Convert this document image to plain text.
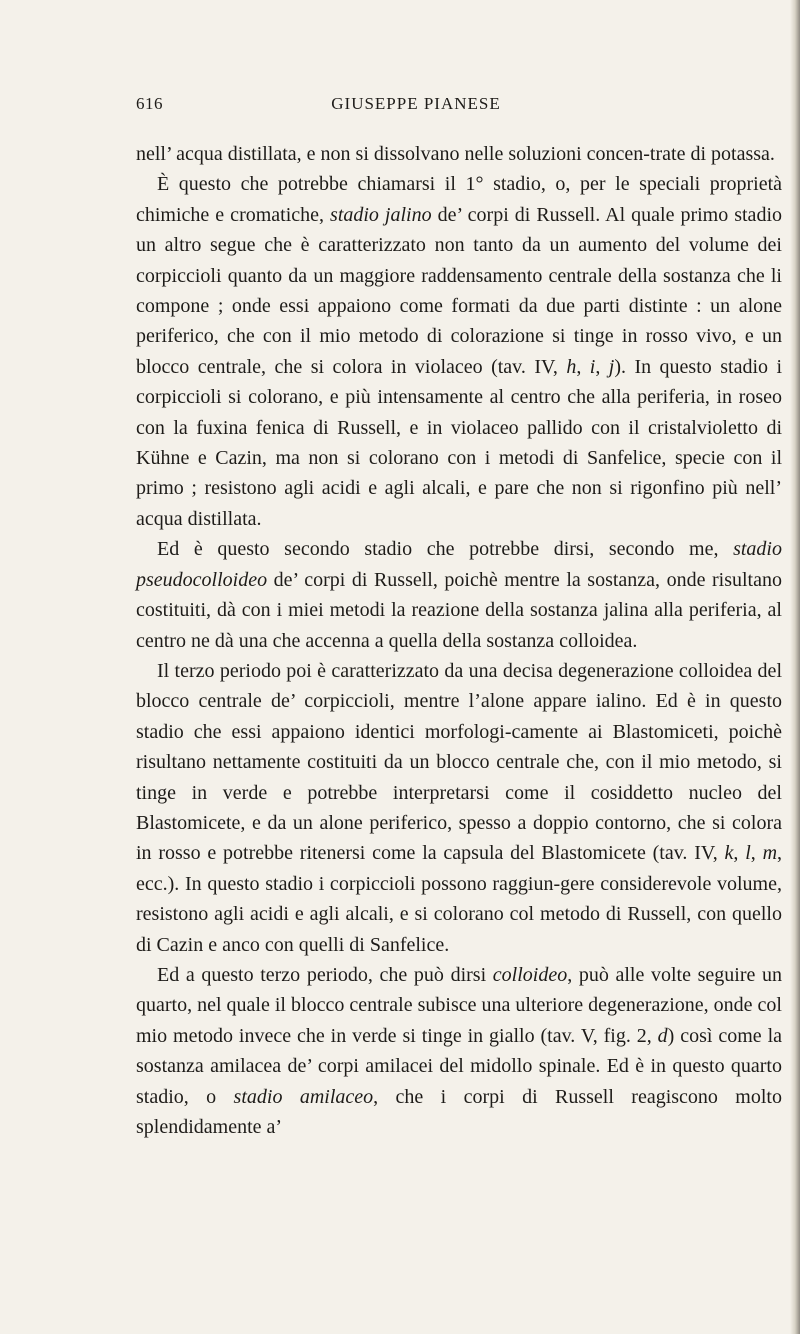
616	GIUSEPPE PIANESE

nell’ acqua distillata, e non si dissolvano nelle soluzioni concen-trate di potassa.

È questo che potrebbe chiamarsi il 1° stadio, o, per le speciali proprietà chimiche e cromatiche, stadio jalino de’ corpi di Russell. Al quale primo stadio un altro segue che è caratterizzato non tanto da un aumento del volume dei corpiccioli quanto da un maggiore raddensamento centrale della sostanza che li compone ; onde essi appaiono come formati da due parti distinte : un alone periferico, che con il mio metodo di colorazione si tinge in rosso vivo, e un blocco centrale, che si colora in violaceo (tav. IV, h, i, j). In questo stadio i corpiccioli si colorano, e più intensamente al centro che alla periferia, in roseo con la fuxina fenica di Russell, e in violaceo pallido con il cristalvioletto di Kühne e Cazin, ma non si colorano con i metodi di Sanfelice, specie con il primo ; resistono agli acidi e agli alcali, e pare che non si rigonfino più nell’ acqua distillata.

Ed è questo secondo stadio che potrebbe dirsi, secondo me, stadio pseudocolloideo de’ corpi di Russell, poichè mentre la sostanza, onde risultano costituiti, dà con i miei metodi la reazione della sostanza jalina alla periferia, al centro ne dà una che accenna a quella della sostanza colloidea.

Il terzo periodo poi è caratterizzato da una decisa degenerazione colloidea del blocco centrale de’ corpiccioli, mentre l’alone appare ialino. Ed è in questo stadio che essi appaiono identici morfologi-camente ai Blastomiceti, poichè risultano nettamente costituiti da un blocco centrale che, con il mio metodo, si tinge in verde e potrebbe interpretarsi come il cosiddetto nucleo del Blastomicete, e da un alone periferico, spesso a doppio contorno, che si colora in rosso e potrebbe ritenersi come la capsula del Blastomicete (tav. IV, k, l, m, ecc.). In questo stadio i corpiccioli possono raggiun-gere considerevole volume, resistono agli acidi e agli alcali, e si colorano col metodo di Russell, con quello di Cazin e anco con quelli di Sanfelice.

Ed a questo terzo periodo, che può dirsi colloideo, può alle volte seguire un quarto, nel quale il blocco centrale subisce una ulteriore degenerazione, onde col mio metodo invece che in verde si tinge in giallo (tav. V, fig. 2, d) così come la sostanza amilacea de’ corpi amilacei del midollo spinale. Ed è in questo quarto stadio, o stadio amilaceo, che i corpi di Russell reagiscono molto splendidamente a’
